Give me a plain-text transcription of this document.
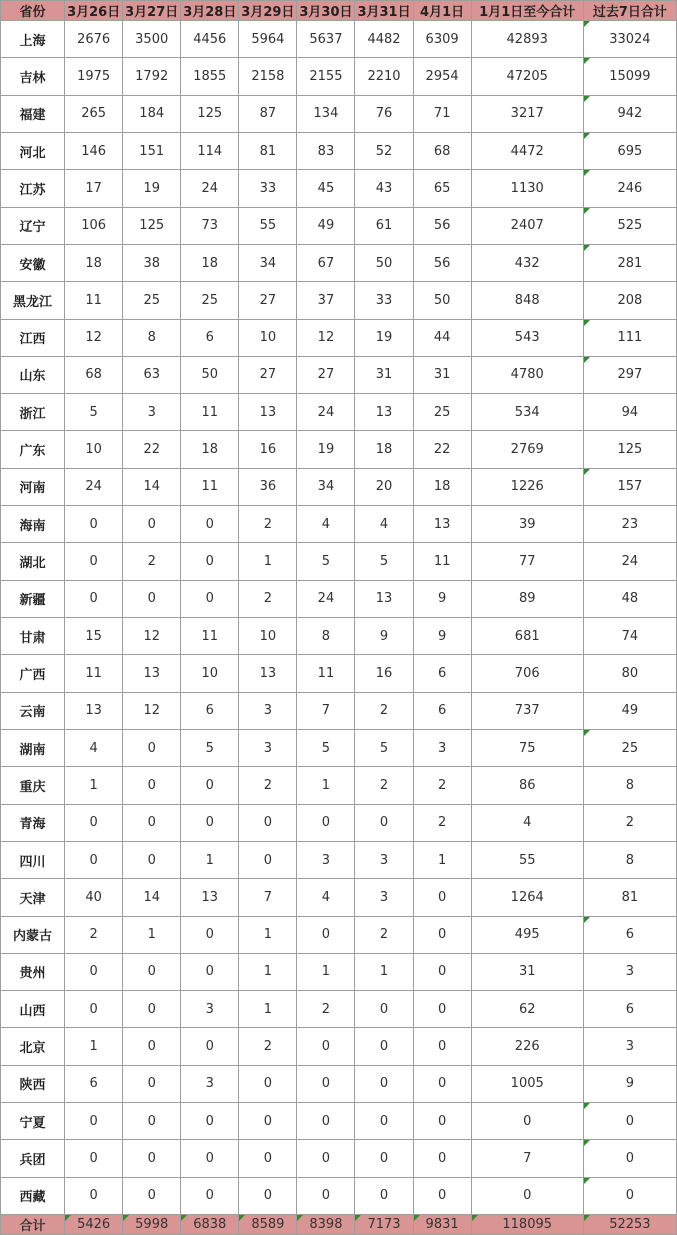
省份	3月26日	3月27日	3月28日	3月29日	3月30日	3月31日	4月1日	1月1日至今合计	过去7日合计
上海	2676	3500	4456	5964	5637	4482	6309	42893	33024
吉林	1975	1792	1855	2158	2155	2210	2954	47205	15099
福建	265	184	125	87	134	76	71	3217	942
河北	146	151	114	81	83	52	68	4472	695
江苏	17	19	24	33	45	43	65	1130	246
辽宁	106	125	73	55	49	61	56	2407	525
安徽	18	38	18	34	67	50	56	432	281
黑龙江	11	25	25	27	37	33	50	848	208
江西	12	8	6	10	12	19	44	543	111
山东	68	63	50	27	27	31	31	4780	297
浙江	5	3	11	13	24	13	25	534	94
广东	10	22	18	16	19	18	22	2769	125
河南	24	14	11	36	34	20	18	1226	157
海南	0	0	0	2	4	4	13	39	23
湖北	0	2	0	1	5	5	11	77	24
新疆	0	0	0	2	24	13	9	89	48
甘肃	15	12	11	10	8	9	9	681	74
广西	11	13	10	13	11	16	6	706	80
云南	13	12	6	3	7	2	6	737	49
湖南	4	0	5	3	5	5	3	75	25
重庆	1	0	0	2	1	2	2	86	8
青海	0	0	0	0	0	0	2	4	2
四川	0	0	1	0	3	3	1	55	8
天津	40	14	13	7	4	3	0	1264	81
内蒙古	2	1	0	1	0	2	0	495	6
贵州	0	0	0	1	1	1	0	31	3
山西	0	0	3	1	2	0	0	62	6
北京	1	0	0	2	0	0	0	226	3
陕西	6	0	3	0	0	0	0	1005	9
宁夏	0	0	0	0	0	0	0	0	0
兵团	0	0	0	0	0	0	0	7	0
西藏	0	0	0	0	0	0	0	0	0
合计	5426	5998	6838	8589	8398	7173	9831	118095	52253
